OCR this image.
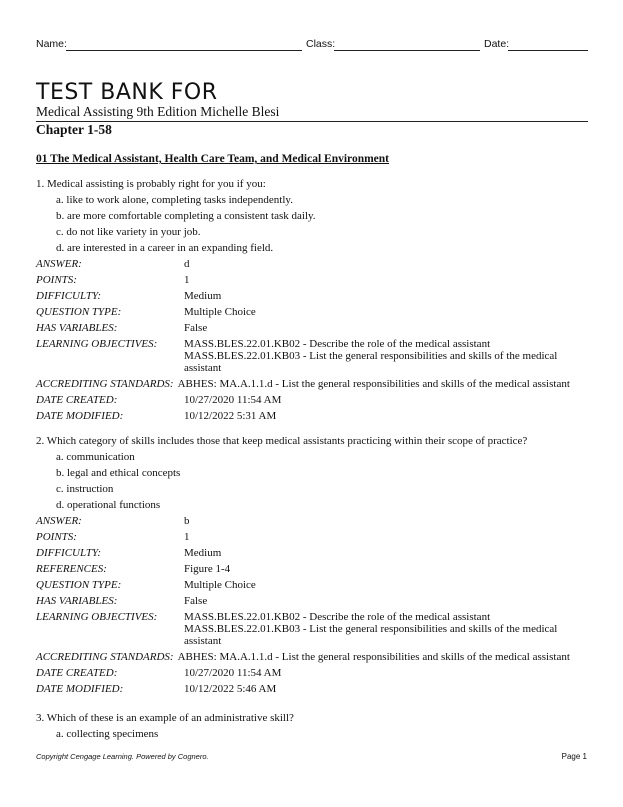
Name:	Class:	Date:
TEST BANK FOR
Medical Assisting 9th Edition Michelle Blesi
Chapter 1-58
01 The Medical Assistant, Health Care Team, and Medical Environment
1. Medical assisting is probably right for you if you:
a. like to work alone, completing tasks independently.
b. are more comfortable completing a consistent task daily.
c. do not like variety in your job.
d. are interested in a career in an expanding field.
ANSWER:	d
POINTS:	1
DIFFICULTY:	Medium
QUESTION TYPE:	Multiple Choice
HAS VARIABLES:	False
LEARNING OBJECTIVES:	MASS.BLES.22.01.KB02 - Describe the role of the medical assistant
MASS.BLES.22.01.KB03 - List the general responsibilities and skills of the medical assistant
ACCREDITING STANDARDS: ABHES: MA.A.1.1.d - List the general responsibilities and skills of the medical assistant
DATE CREATED:	10/27/2020 11:54 AM
DATE MODIFIED:	10/12/2022 5:31 AM
2. Which category of skills includes those that keep medical assistants practicing within their scope of practice?
a. communication
b. legal and ethical concepts
c. instruction
d. operational functions
ANSWER:	b
POINTS:	1
DIFFICULTY:	Medium
REFERENCES:	Figure 1-4
QUESTION TYPE:	Multiple Choice
HAS VARIABLES:	False
LEARNING OBJECTIVES:	MASS.BLES.22.01.KB02 - Describe the role of the medical assistant
MASS.BLES.22.01.KB03 - List the general responsibilities and skills of the medical assistant
ACCREDITING STANDARDS: ABHES: MA.A.1.1.d - List the general responsibilities and skills of the medical assistant
DATE CREATED:	10/27/2020 11:54 AM
DATE MODIFIED:	10/12/2022 5:46 AM
3. Which of these is an example of an administrative skill?
a. collecting specimens
Copyright Cengage Learning. Powered by Cognero.	Page 1
